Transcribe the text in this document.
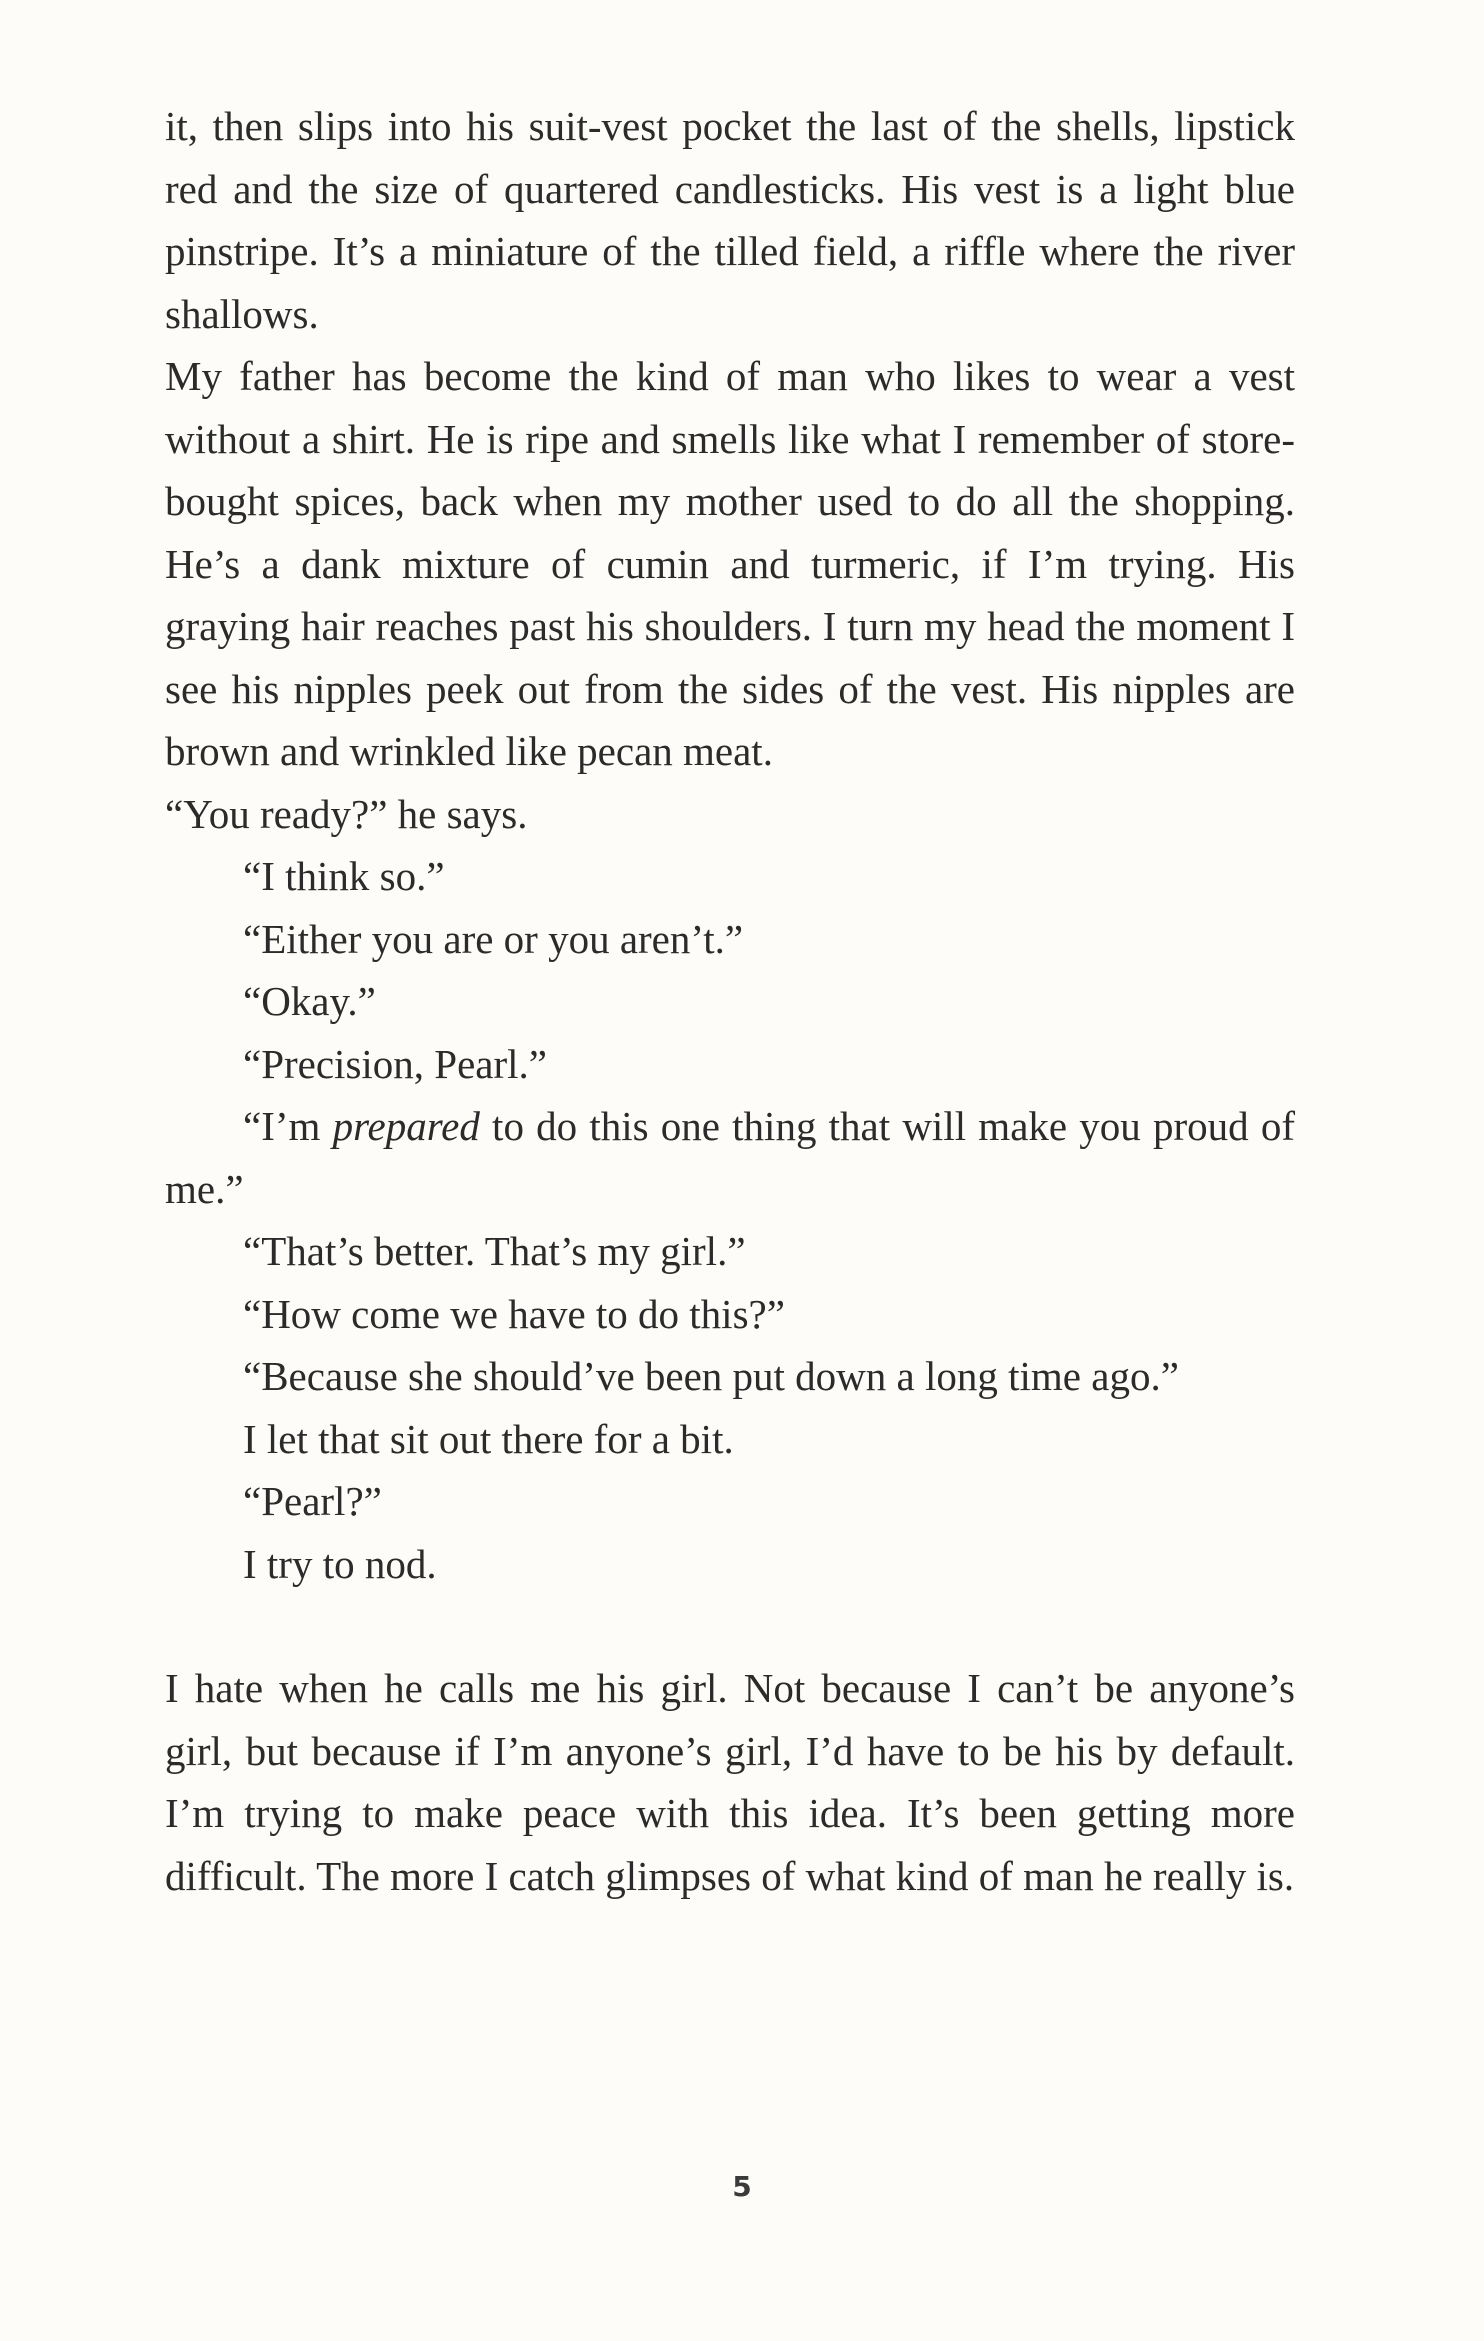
it, then slips into his suit-vest pocket the last of the shells, lipstick red and the size of quartered candlesticks. His vest is a light blue pinstripe. It’s a miniature of the tilled field, a riffle where the river shallows.

My father has become the kind of man who likes to wear a vest without a shirt. He is ripe and smells like what I remember of store-bought spices, back when my mother used to do all the shopping. He’s a dank mixture of cumin and turmeric, if I’m trying. His graying hair reaches past his shoulders. I turn my head the moment I see his nipples peek out from the sides of the vest. His nipples are brown and wrinkled like pecan meat.

“You ready?” he says.

“I think so.”

“Either you are or you aren’t.”

“Okay.”

“Precision, Pearl.”

“I’m prepared to do this one thing that will make you proud of me.”

“That’s better. That’s my girl.”

“How come we have to do this?”

“Because she should’ve been put down a long time ago.”

I let that sit out there for a bit.

“Pearl?”

I try to nod.

I hate when he calls me his girl. Not because I can’t be anyone’s girl, but because if I’m anyone’s girl, I’d have to be his by default. I’m trying to make peace with this idea. It’s been getting more difficult. The more I catch glimpses of what kind of man he really is.

5
